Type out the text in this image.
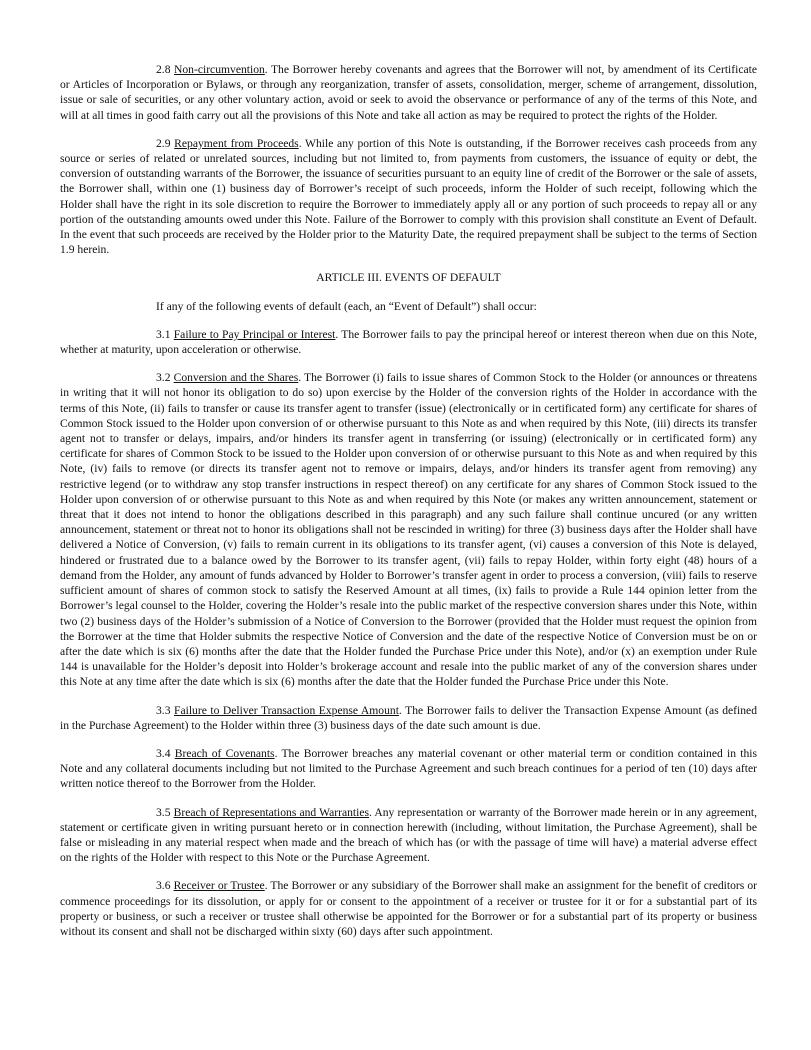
2.8 Non-circumvention. The Borrower hereby covenants and agrees that the Borrower will not, by amendment of its Certificate or Articles of Incorporation or Bylaws, or through any reorganization, transfer of assets, consolidation, merger, scheme of arrangement, dissolution, issue or sale of securities, or any other voluntary action, avoid or seek to avoid the observance or performance of any of the terms of this Note, and will at all times in good faith carry out all the provisions of this Note and take all action as may be required to protect the rights of the Holder.

2.9 Repayment from Proceeds. While any portion of this Note is outstanding, if the Borrower receives cash proceeds from any source or series of related or unrelated sources, including but not limited to, from payments from customers, the issuance of equity or debt, the conversion of outstanding warrants of the Borrower, the issuance of securities pursuant to an equity line of credit of the Borrower or the sale of assets, the Borrower shall, within one (1) business day of Borrower’s receipt of such proceeds, inform the Holder of such receipt, following which the Holder shall have the right in its sole discretion to require the Borrower to immediately apply all or any portion of such proceeds to repay all or any portion of the outstanding amounts owed under this Note. Failure of the Borrower to comply with this provision shall constitute an Event of Default. In the event that such proceeds are received by the Holder prior to the Maturity Date, the required prepayment shall be subject to the terms of Section 1.9 herein.

ARTICLE III. EVENTS OF DEFAULT

If any of the following events of default (each, an “Event of Default”) shall occur:

3.1 Failure to Pay Principal or Interest. The Borrower fails to pay the principal hereof or interest thereon when due on this Note, whether at maturity, upon acceleration or otherwise.

3.2 Conversion and the Shares. The Borrower (i) fails to issue shares of Common Stock to the Holder (or announces or threatens in writing that it will not honor its obligation to do so) upon exercise by the Holder of the conversion rights of the Holder in accordance with the terms of this Note, (ii) fails to transfer or cause its transfer agent to transfer (issue) (electronically or in certificated form) any certificate for shares of Common Stock issued to the Holder upon conversion of or otherwise pursuant to this Note as and when required by this Note, (iii) directs its transfer agent not to transfer or delays, impairs, and/or hinders its transfer agent in transferring (or issuing) (electronically or in certificated form) any certificate for shares of Common Stock to be issued to the Holder upon conversion of or otherwise pursuant to this Note as and when required by this Note, (iv) fails to remove (or directs its transfer agent not to remove or impairs, delays, and/or hinders its transfer agent from removing) any restrictive legend (or to withdraw any stop transfer instructions in respect thereof) on any certificate for any shares of Common Stock issued to the Holder upon conversion of or otherwise pursuant to this Note as and when required by this Note (or makes any written announcement, statement or threat that it does not intend to honor the obligations described in this paragraph) and any such failure shall continue uncured (or any written announcement, statement or threat not to honor its obligations shall not be rescinded in writing) for three (3) business days after the Holder shall have delivered a Notice of Conversion, (v) fails to remain current in its obligations to its transfer agent, (vi) causes a conversion of this Note is delayed, hindered or frustrated due to a balance owed by the Borrower to its transfer agent, (vii) fails to repay Holder, within forty eight (48) hours of a demand from the Holder, any amount of funds advanced by Holder to Borrower’s transfer agent in order to process a conversion, (viii) fails to reserve sufficient amount of shares of common stock to satisfy the Reserved Amount at all times, (ix) fails to provide a Rule 144 opinion letter from the Borrower’s legal counsel to the Holder, covering the Holder’s resale into the public market of the respective conversion shares under this Note, within two (2) business days of the Holder’s submission of a Notice of Conversion to the Borrower (provided that the Holder must request the opinion from the Borrower at the time that Holder submits the respective Notice of Conversion and the date of the respective Notice of Conversion must be on or after the date which is six (6) months after the date that the Holder funded the Purchase Price under this Note), and/or (x) an exemption under Rule 144 is unavailable for the Holder’s deposit into Holder’s brokerage account and resale into the public market of any of the conversion shares under this Note at any time after the date which is six (6) months after the date that the Holder funded the Purchase Price under this Note.

3.3 Failure to Deliver Transaction Expense Amount. The Borrower fails to deliver the Transaction Expense Amount (as defined in the Purchase Agreement) to the Holder within three (3) business days of the date such amount is due.

3.4 Breach of Covenants. The Borrower breaches any material covenant or other material term or condition contained in this Note and any collateral documents including but not limited to the Purchase Agreement and such breach continues for a period of ten (10) days after written notice thereof to the Borrower from the Holder.

3.5 Breach of Representations and Warranties. Any representation or warranty of the Borrower made herein or in any agreement, statement or certificate given in writing pursuant hereto or in connection herewith (including, without limitation, the Purchase Agreement), shall be false or misleading in any material respect when made and the breach of which has (or with the passage of time will have) a material adverse effect on the rights of the Holder with respect to this Note or the Purchase Agreement.

3.6 Receiver or Trustee. The Borrower or any subsidiary of the Borrower shall make an assignment for the benefit of creditors or commence proceedings for its dissolution, or apply for or consent to the appointment of a receiver or trustee for it or for a substantial part of its property or business, or such a receiver or trustee shall otherwise be appointed for the Borrower or for a substantial part of its property or business without its consent and shall not be discharged within sixty (60) days after such appointment.
